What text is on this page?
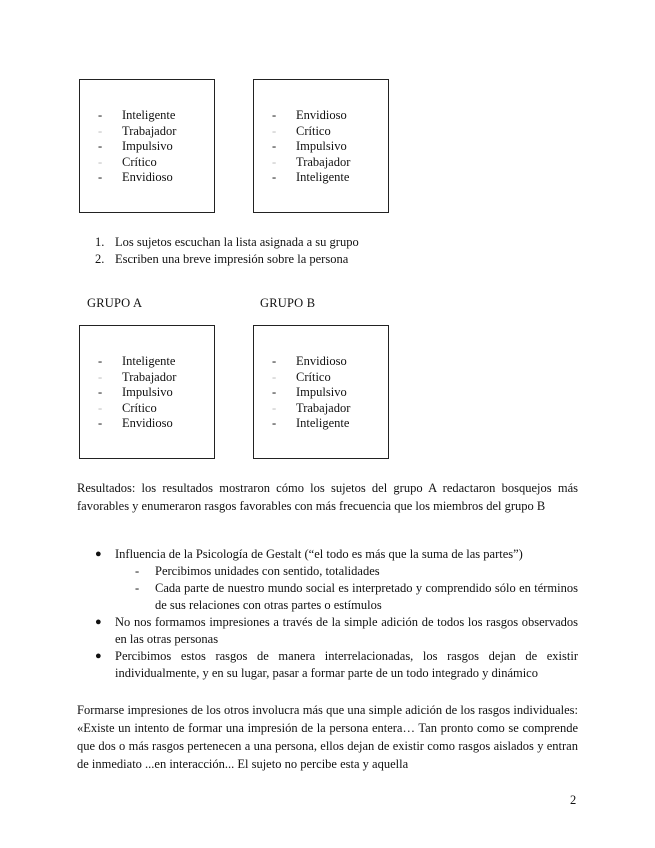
-	Inteligente
-	Trabajador
-	Impulsivo
-	Crítico
-	Envidioso
-	Envidioso
-	Crítico
-	Impulsivo
-	Trabajador
-	Inteligente
1. Los sujetos escuchan la lista asignada a su grupo
2. Escriben una breve impresión sobre la persona
GRUPO A	GRUPO B
-	Inteligente
-	Trabajador
-	Impulsivo
-	Crítico
-	Envidioso
-	Envidioso
-	Crítico
-	Impulsivo
-	Trabajador
-	Inteligente

Resultados: los resultados mostraron cómo los sujetos del grupo A redactaron bosquejos más favorables y enumeraron rasgos favorables con más frecuencia que los miembros del grupo B

● Influencia de la Psicología de Gestalt (“el todo es más que la suma de las partes”)
- Percibimos unidades con sentido, totalidades
- Cada parte de nuestro mundo social es interpretado y comprendido sólo en términos de sus relaciones con otras partes o estímulos
● No nos formamos impresiones a través de la simple adición de todos los rasgos observados en las otras personas
● Percibimos estos rasgos de manera interrelacionadas, los rasgos dejan de existir individualmente, y en su lugar, pasar a formar parte de un todo integrado y dinámico

Formarse impresiones de los otros involucra más que una simple adición de los rasgos individuales: «Existe un intento de formar una impresión de la persona entera… Tan pronto como se comprende que dos o más rasgos pertenecen a una persona, ellos dejan de existir como rasgos aislados y entran de inmediato ...en interacción... El sujeto no percibe esta y aquella

2
